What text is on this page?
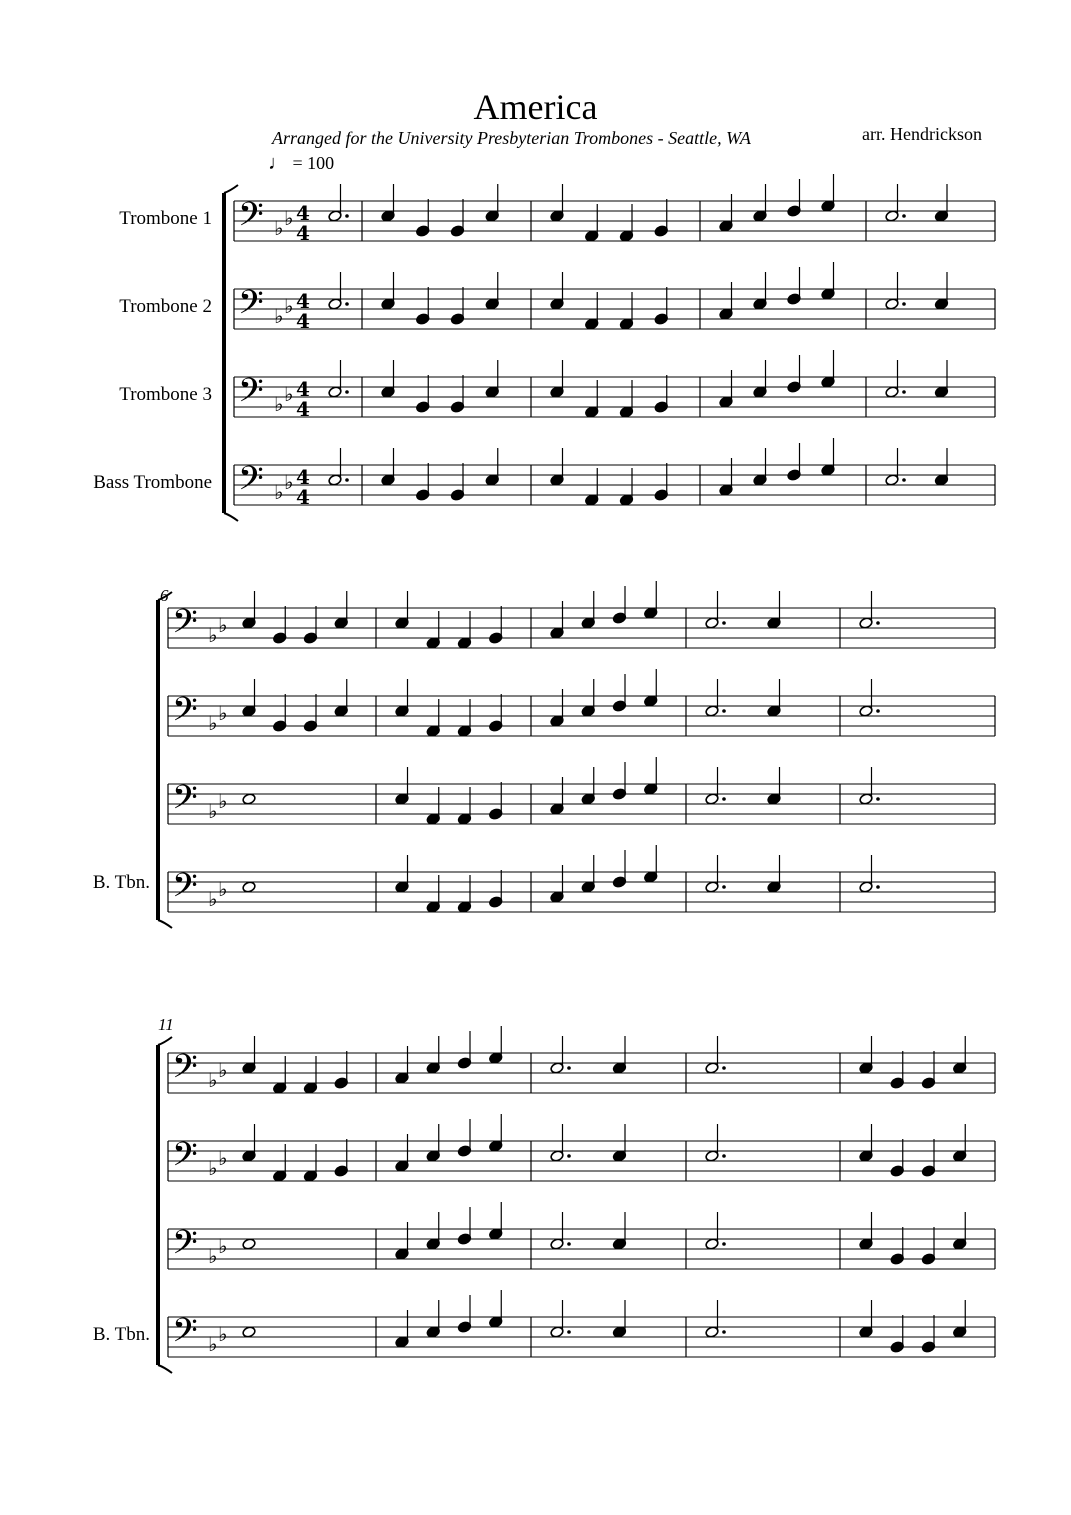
America
Arranged for the University Presbyterian Trombones - Seattle, WA	arr. Hendrickson
♩ = 100
Trombone 1
Trombone 2
Trombone 3
Bass Trombone
6
B. Tbn.
11
B. Tbn.
𝄢 ♭ ♭ 4
4
𝄢 ♭ ♭ 4
4
𝄢 ♭ ♭ 4
4
𝄢 ♭ ♭ 4
4
𝄢 ♭ ♭
𝄢 ♭ ♭
𝄢 ♭ ♭
𝄢 ♭ ♭
𝄢 ♭ ♭
𝄢 ♭ ♭
𝄢 ♭ ♭
𝄢 ♭ ♭
